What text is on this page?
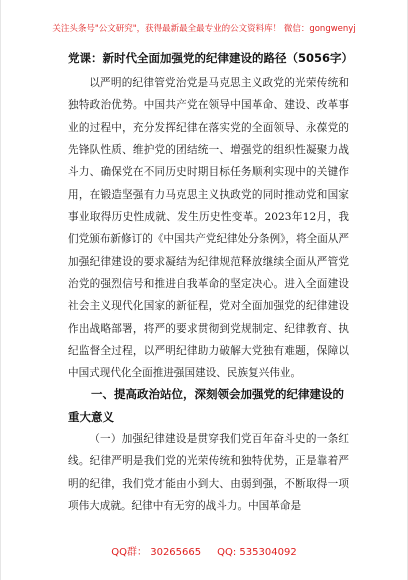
关注头条号"公文研究"，获得最新最全最专业的公文资料库！ 微信：gongwenyj
党课：新时代全面加强党的纪律建设的路径（5056字）

以严明的纪律管党治党是马克思主义政党的光荣传统和独特政治优势。中国共产党在领导中国革命、建设、改革事业的过程中，充分发挥纪律在落实党的全面领导、永葆党的先锋队性质、维护党的团结统一、增强党的组织性凝聚力战斗力、确保党在不同历史时期目标任务顺利实现中的关键作用，在锻造坚强有力马克思主义执政党的同时推动党和国家事业取得历史性成就、发生历史性变革。2023年12月，我们党颁布新修订的《中国共产党纪律处分条例》，将全面从严加强纪律建设的要求凝结为纪律规范释放继续全面从严管党治党的强烈信号和推进自我革命的坚定决心。进入全面建设社会主义现代化国家的新征程，党对全面加强党的纪律建设作出战略部署，将严的要求贯彻到党规制定、纪律教育、执纪监督全过程，以严明纪律助力破解大党独有难题，保障以中国式现代化全面推进强国建设、民族复兴伟业。

一、提高政治站位，深刻领会加强党的纪律建设的重大意义

（一）加强纪律建设是贯穿我们党百年奋斗史的一条红线。纪律严明是我们党的光荣传统和独特优势，正是靠着严明的纪律，我们党才能由小到大、由弱到强，不断取得一项项伟大成就。纪律中有无穷的战斗力。中国革命是

QQ群： 30265665 QQ: 535304092
